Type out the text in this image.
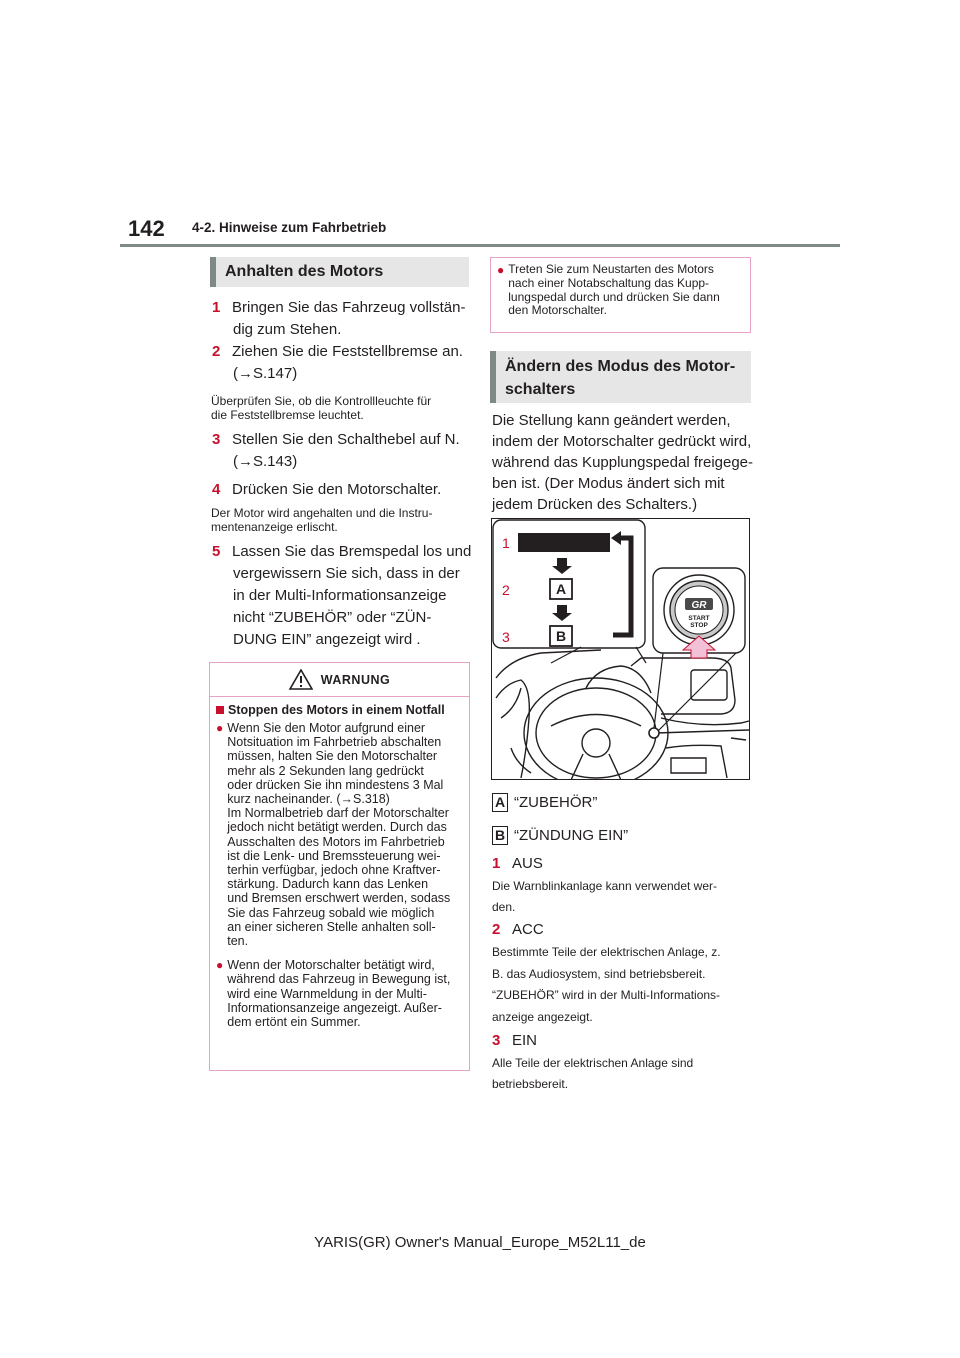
142 4-2. Hinweise zum Fahrbetrieb
Anhalten des Motors
1 Bringen Sie das Fahrzeug vollstän-
dig zum Stehen.
2 Ziehen Sie die Feststellbremse an.
(→S.147)
Überprüfen Sie, ob die Kontrollleuchte für
die Feststellbremse leuchtet.
3 Stellen Sie den Schalthebel auf N.
(→S.143)
4 Drücken Sie den Motorschalter.
Der Motor wird angehalten und die Instru-
mentenanzeige erlischt.
5 Lassen Sie das Bremspedal los und
vergewissern Sie sich, dass in der
in der Multi-Informationsanzeige
nicht “ZUBEHÖR” oder “ZÜN-
DUNG EIN” angezeigt wird .
WARNUNG
Stoppen des Motors in einem Notfall
● Wenn Sie den Motor aufgrund einer
Notsituation im Fahrbetrieb abschalten
müssen, halten Sie den Motorschalter
mehr als 2 Sekunden lang gedrückt
oder drücken Sie ihn mindestens 3 Mal
kurz nacheinander. (→S.318)
Im Normalbetrieb darf der Motorschalter
jedoch nicht betätigt werden. Durch das
Ausschalten des Motors im Fahrbetrieb
ist die Lenk- und Bremssteuerung wei-
terhin verfügbar, jedoch ohne Kraftver-
stärkung. Dadurch kann das Lenken
und Bremsen erschwert werden, sodass
Sie das Fahrzeug sobald wie möglich
an einer sicheren Stelle anhalten soll-
ten.
● Wenn der Motorschalter betätigt wird,
während das Fahrzeug in Bewegung ist,
wird eine Warnmeldung in der Multi-
Informationsanzeige angezeigt. Außer-
dem ertönt ein Summer.
● Treten Sie zum Neustarten des Motors
nach einer Notabschaltung das Kupp-
lungspedal durch und drücken Sie dann
den Motorschalter.
Ändern des Modus des Motor-
schalters
Die Stellung kann geändert werden,
indem der Motorschalter gedrückt wird,
während das Kupplungspedal freigege-
ben ist. (Der Modus ändert sich mit
jedem Drücken des Schalters.)
GR
START
STOP
1
2
3
A
B
A “ZUBEHÖR”
B “ZÜNDUNG EIN”
1 AUS
Die Warnblinkanlage kann verwendet wer-
den.
2 ACC
Bestimmte Teile der elektrischen Anlage, z.
B. das Audiosystem, sind betriebsbereit.
“ZUBEHÖR” wird in der Multi-Informations-
anzeige angezeigt.
3 EIN
Alle Teile der elektrischen Anlage sind
betriebsbereit.
YARIS(GR) Owner's Manual_Europe_M52L11_de
